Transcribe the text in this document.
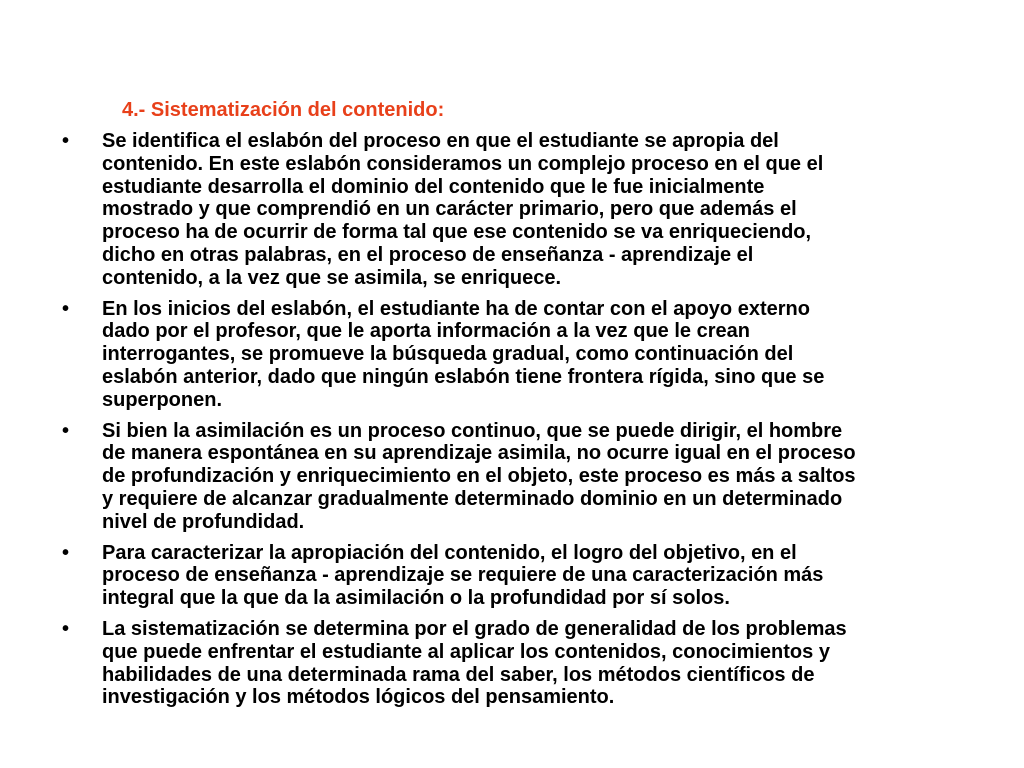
4.- Sistematización del contenido:
•	Se identifica el eslabón del proceso en que el estudiante se apropia del
contenido. En este eslabón consideramos un complejo proceso en el que el
estudiante desarrolla el dominio del contenido que le fue inicialmente
mostrado y que comprendió en un carácter primario, pero que además el
proceso ha de ocurrir de forma tal que ese contenido se va enriqueciendo,
dicho en otras palabras, en el proceso de enseñanza - aprendizaje el
contenido, a la vez que se asimila, se enriquece.
•	En los inicios del eslabón, el estudiante ha de contar con el apoyo externo
dado por el profesor, que le aporta información a la vez que le crean
interrogantes, se promueve la búsqueda gradual, como continuación del
eslabón anterior, dado que ningún eslabón tiene frontera rígida, sino que se
superponen.
•	Si bien la asimilación es un proceso continuo, que se puede dirigir, el hombre
de manera espontánea en su aprendizaje asimila, no ocurre igual en el proceso
de profundización y enriquecimiento en el objeto, este proceso es más a saltos
y requiere de alcanzar gradualmente determinado dominio en un determinado
nivel de profundidad.
•	Para caracterizar la apropiación del contenido, el logro del objetivo, en el
proceso de enseñanza - aprendizaje se requiere de una caracterización más
integral que la que da la asimilación o la profundidad por sí solos.
•	La sistematización se determina por el grado de generalidad de los problemas
que puede enfrentar el estudiante al aplicar los contenidos, conocimientos y
habilidades de una determinada rama del saber, los métodos científicos de
investigación y los métodos lógicos del pensamiento.
